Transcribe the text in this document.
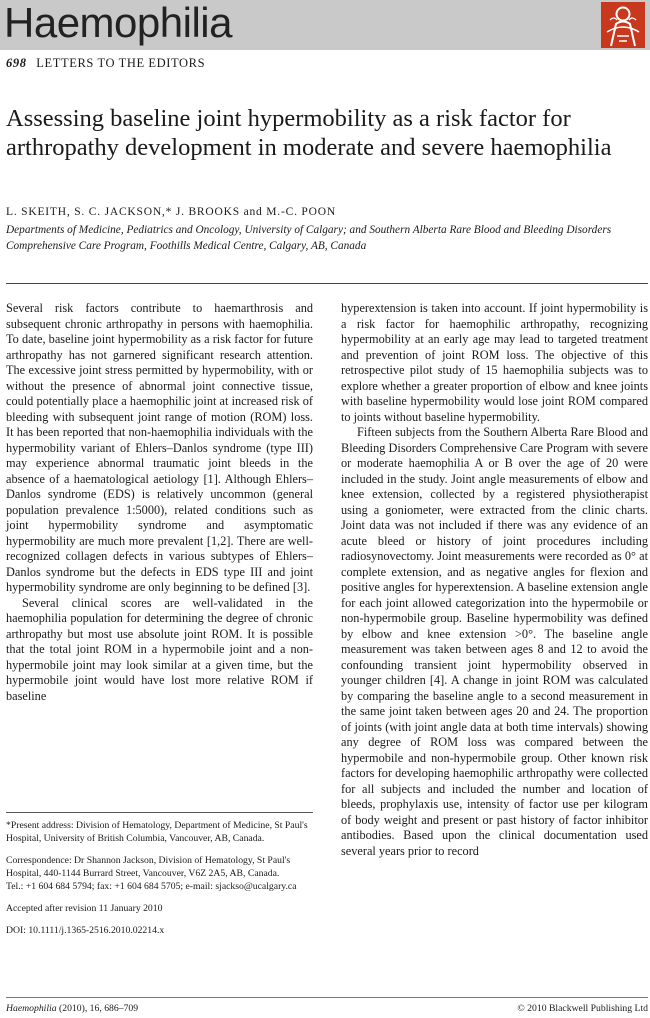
Haemophilia
698 LETTERS TO THE EDITORS
Assessing baseline joint hypermobility as a risk factor for arthropathy development in moderate and severe haemophilia
L. SKEITH, S. C. JACKSON,* J. BROOKS and M.-C. POON
Departments of Medicine, Pediatrics and Oncology, University of Calgary; and Southern Alberta Rare Blood and Bleeding Disorders Comprehensive Care Program, Foothills Medical Centre, Calgary, AB, Canada

Several risk factors contribute to haemarthrosis and subsequent chronic arthropathy in persons with haemophilia. To date, baseline joint hypermobility as a risk factor for future arthropathy has not garnered significant research attention. The excessive joint stress permitted by hypermobility, with or without the presence of abnormal joint connective tissue, could potentially place a haemophilic joint at increased risk of bleeding with subsequent joint range of motion (ROM) loss. It has been reported that non-haemophilia individuals with the hypermobility variant of Ehlers–Danlos syndrome (type III) may experience abnormal traumatic joint bleeds in the absence of a haematological aetiology [1]. Although Ehlers–Danlos syndrome (EDS) is relatively uncommon (general population prevalence 1:5000), related conditions such as joint hypermobility syndrome and asymptomatic hypermobility are much more prevalent [1,2]. There are well-recognized collagen defects in various subtypes of Ehlers–Danlos syndrome but the defects in EDS type III and joint hypermobility syndrome are only beginning to be defined [3].

Several clinical scores are well-validated in the haemophilia population for determining the degree of chronic arthropathy but most use absolute joint ROM. It is possible that the total joint ROM in a hypermobile joint and a non-hypermobile joint may look similar at a given time, but the hypermobile joint would have lost more relative ROM if baseline

hyperextension is taken into account. If joint hypermobility is a risk factor for haemophilic arthropathy, recognizing hypermobility at an early age may lead to targeted treatment and prevention of joint ROM loss. The objective of this retrospective pilot study of 15 haemophilia subjects was to explore whether a greater proportion of elbow and knee joints with baseline hypermobility would lose joint ROM compared to joints without baseline hypermobility.

Fifteen subjects from the Southern Alberta Rare Blood and Bleeding Disorders Comprehensive Care Program with severe or moderate haemophilia A or B over the age of 20 were included in the study. Joint angle measurements of elbow and knee extension, collected by a registered physiotherapist using a goniometer, were extracted from the clinic charts. Joint data was not included if there was any evidence of an acute bleed or history of joint procedures including radiosynovectomy. Joint measurements were recorded as 0° at complete extension, and as negative angles for flexion and positive angles for hyperextension. A baseline extension angle for each joint allowed categorization into the hypermobile or non-hypermobile group. Baseline hypermobility was defined by elbow and knee extension >0°. The baseline angle measurement was taken between ages 8 and 12 to avoid the confounding transient joint hypermobility observed in younger children [4]. A change in joint ROM was calculated by comparing the baseline angle to a second measurement in the same joint taken between ages 20 and 24. The proportion of joints (with joint angle data at both time intervals) showing any degree of ROM loss was compared between the hypermobile and non-hypermobile group. Other known risk factors for developing haemophilic arthropathy were collected for all subjects and included the number and location of bleeds, prophylaxis use, intensity of factor use per kilogram of body weight and present or past history of factor inhibitor antibodies. Based upon the clinical documentation used several years prior to record

*Present address: Division of Hematology, Department of Medicine, St Paul's Hospital, University of British Columbia, Vancouver, AB, Canada.

Correspondence: Dr Shannon Jackson, Division of Hematology, St Paul's Hospital, 440-1144 Burrard Street, Vancouver, V6Z 2A5, AB, Canada.
Tel.: +1 604 684 5794; fax: +1 604 684 5705; e-mail: sjackso@ucalgary.ca

Accepted after revision 11 January 2010

DOI: 10.1111/j.1365-2516.2010.02214.x

Haemophilia (2010), 16, 686–709	© 2010 Blackwell Publishing Ltd
